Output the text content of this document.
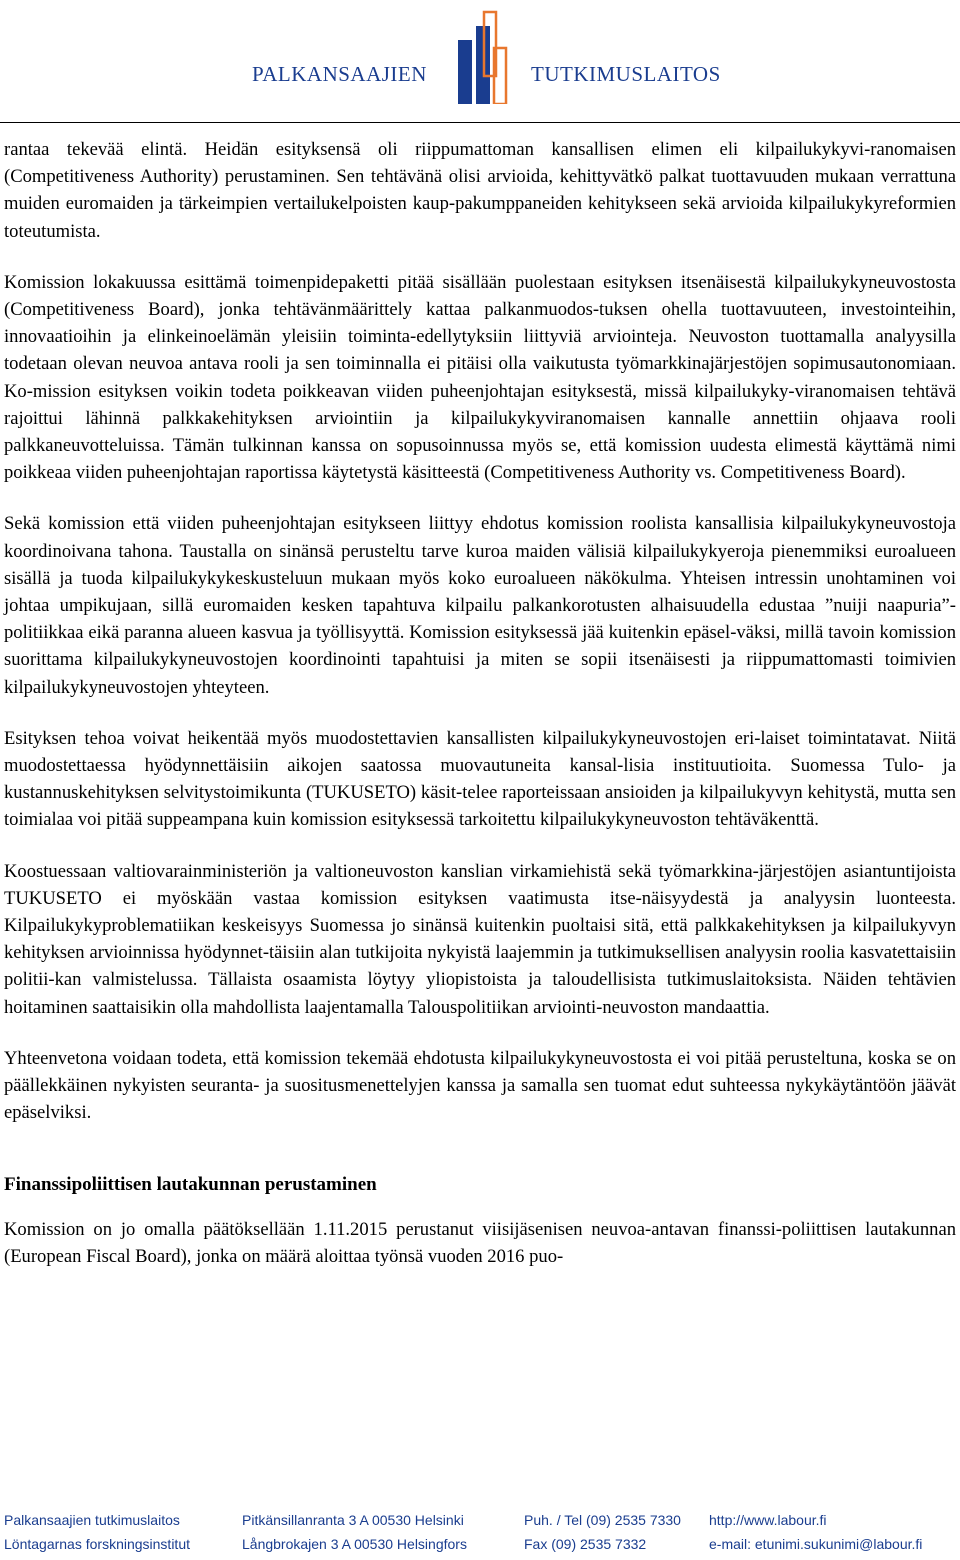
PALKANSAAJIEN	TUTKIMUSLAITOS

rantaa tekevää elintä. Heidän esityksensä oli riippumattoman kansallisen elimen eli kilpailukykyvi-ranomaisen (Competitiveness Authority) perustaminen. Sen tehtävänä olisi arvioida, kehittyvätkö palkat tuottavuuden mukaan verrattuna muiden euromaiden ja tärkeimpien vertailukelpoisten kaup-pakumppaneiden kehitykseen sekä arvioida kilpailukykyreformien toteutumista.

Komission lokakuussa esittämä toimenpidepaketti pitää sisällään puolestaan esityksen itsenäisestä kilpailukykyneuvostosta (Competitiveness Board), jonka tehtävänmäärittely kattaa palkanmuodos-tuksen ohella tuottavuuteen, investointeihin, innovaatioihin ja elinkeinoelämän yleisiin toiminta-edellytyksiin liittyviä arviointeja. Neuvoston tuottamalla analyysilla todetaan olevan neuvoa antava rooli ja sen toiminnalla ei pitäisi olla vaikutusta työmarkkinajärjestöjen sopimusautonomiaan. Ko-mission esityksen voikin todeta poikkeavan viiden puheenjohtajan esityksestä, missä kilpailukyky-viranomaisen tehtävä rajoittui lähinnä palkkakehityksen arviointiin ja kilpailukykyviranomaisen kannalle annettiin ohjaava rooli palkkaneuvotteluissa. Tämän tulkinnan kanssa on sopusoinnussa myös se, että komission uudesta elimestä käyttämä nimi poikkeaa viiden puheenjohtajan raportissa käytetystä käsitteestä (Competitiveness Authority vs. Competitiveness Board).

Sekä komission että viiden puheenjohtajan esitykseen liittyy ehdotus komission roolista kansallisia kilpailukykyneuvostoja koordinoivana tahona. Taustalla on sinänsä perusteltu tarve kuroa maiden välisiä kilpailukykyeroja pienemmiksi euroalueen sisällä ja tuoda kilpailukykykeskusteluun mukaan myös koko euroalueen näkökulma. Yhteisen intressin unohtaminen voi johtaa umpikujaan, sillä euromaiden kesken tapahtuva kilpailu palkankorotusten alhaisuudella edustaa ”nuiji naapuria”-politiikkaa eikä paranna alueen kasvua ja työllisyyttä. Komission esityksessä jää kuitenkin epäsel-väksi, millä tavoin komission suorittama kilpailukykyneuvostojen koordinointi tapahtuisi ja miten se sopii itsenäisesti ja riippumattomasti toimivien kilpailukykyneuvostojen yhteyteen.

Esityksen tehoa voivat heikentää myös muodostettavien kansallisten kilpailukykyneuvostojen eri-laiset toimintatavat. Niitä muodostettaessa hyödynnettäisiin aikojen saatossa muovautuneita kansal-lisia instituutioita. Suomessa Tulo- ja kustannuskehityksen selvitystoimikunta (TUKUSETO) käsit-telee raporteissaan ansioiden ja kilpailukyvyn kehitystä, mutta sen toimialaa voi pitää suppeampana kuin komission esityksessä tarkoitettu kilpailukykyneuvoston tehtäväkenttä.

Koostuessaan valtiovarainministeriön ja valtioneuvoston kanslian virkamiehistä sekä työmarkkina-järjestöjen asiantuntijoista TUKUSETO ei myöskään vastaa komission esityksen vaatimusta itse-näisyydestä ja analyysin luonteesta. Kilpailukykyproblematiikan keskeisyys Suomessa jo sinänsä kuitenkin puoltaisi sitä, että palkkakehityksen ja kilpailukyvyn kehityksen arvioinnissa hyödynnet-täisiin alan tutkijoita nykyistä laajemmin ja tutkimuksellisen analyysin roolia kasvatettaisiin politii-kan valmistelussa. Tällaista osaamista löytyy yliopistoista ja taloudellisista tutkimuslaitoksista. Näiden tehtävien hoitaminen saattaisikin olla mahdollista laajentamalla Talouspolitiikan arviointi-neuvoston mandaattia.

Yhteenvetona voidaan todeta, että komission tekemää ehdotusta kilpailukykyneuvostosta ei voi pitää perusteltuna, koska se on päällekkäinen nykyisten seuranta- ja suositusmenettelyjen kanssa ja samalla sen tuomat edut suhteessa nykykäytäntöön jäävät epäselviksi.

Finanssipoliittisen lautakunnan perustaminen

Komission on jo omalla päätöksellään 1.11.2015 perustanut viisijäsenisen neuvoa-antavan finanssi-poliittisen lautakunnan (European Fiscal Board), jonka on määrä aloittaa työnsä vuoden 2016 puo-

Palkansaajien tutkimuslaitos	Pitkänsillanranta 3 A 00530 Helsinki	Puh. / Tel (09) 2535 7330 http://www.labour.fi
Löntagarnas forskningsinstitut	Långbrokajen 3 A 00530 Helsingfors	Fax (09) 2535 7332	e-mail: etunimi.sukunimi@labour.fi
